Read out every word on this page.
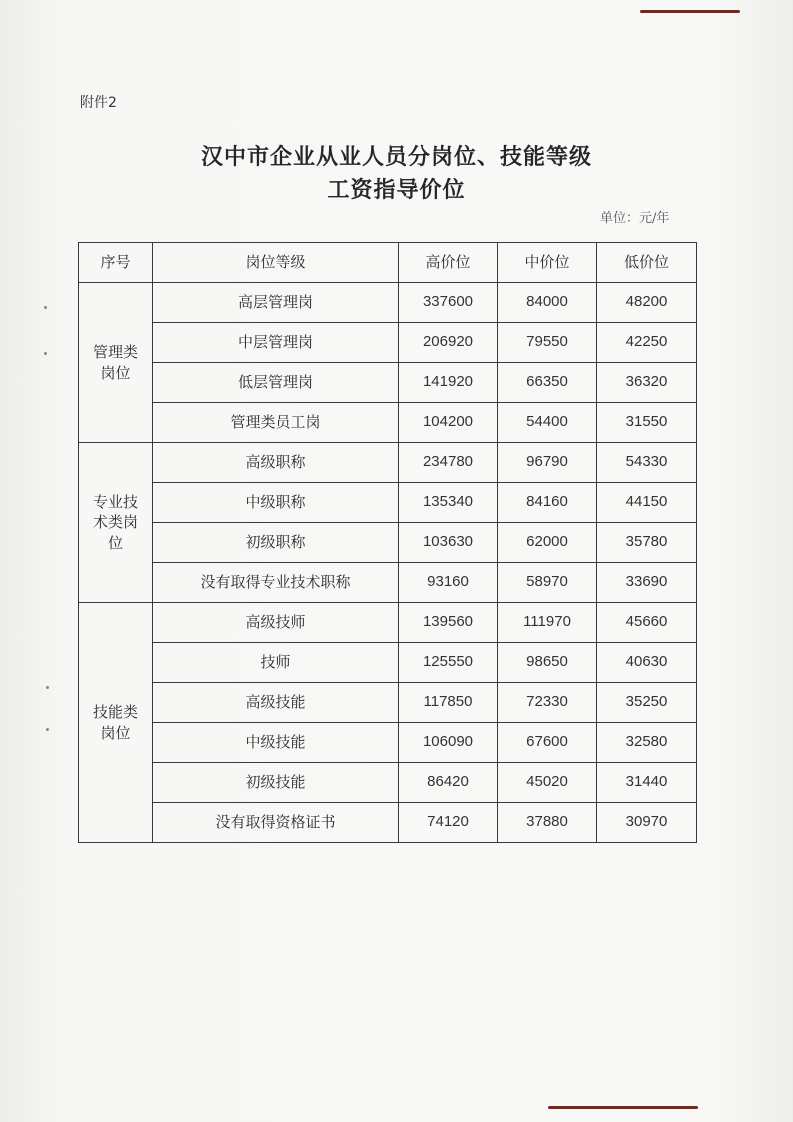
附件2
汉中市企业从业人员分岗位、技能等级
工资指导价位
单位：元/年
序号	岗位等级	高价位	中价位	低价位
管理类岗位	高层管理岗	337600	84000	48200
	中层管理岗	206920	79550	42250
	低层管理岗	141920	66350	36320
	管理类员工岗	104200	54400	31550
专业技术类岗位	高级职称	234780	96790	54330
	中级职称	135340	84160	44150
	初级职称	103630	62000	35780
	没有取得专业技术职称	93160	58970	33690
技能类岗位	高级技师	139560	111970	45660
	技师	125550	98650	40630
	高级技能	117850	72330	35250
	中级技能	106090	67600	32580
	初级技能	86420	45020	31440
	没有取得资格证书	74120	37880	30970
